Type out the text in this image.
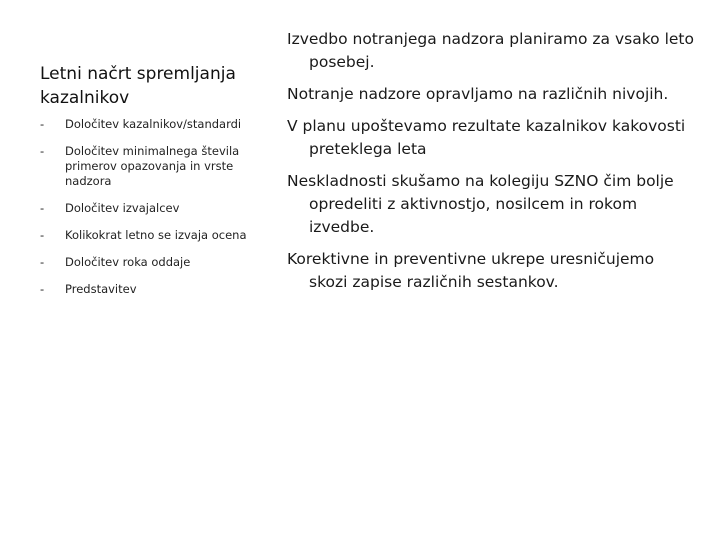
Letni načrt spremljanja kazalnikov
- Določitev kazalnikov/standardi
- Določitev minimalnega števila primerov opazovanja in vrste nadzora
- Določitev izvajalcev
- Kolikokrat letno se izvaja ocena
- Določitev roka oddaje
- Predstavitev
Izvedbo notranjega nadzora planiramo za vsako leto posebej.
Notranje nadzore opravljamo na različnih nivojih.
V planu upoštevamo rezultate kazalnikov kakovosti preteklega leta
Neskladnosti skušamo na kolegiju SZNO čim bolje opredeliti z aktivnostjo, nosilcem in rokom izvedbe.
Korektivne in preventivne ukrepe uresničujemo skozi zapise različnih sestankov.
